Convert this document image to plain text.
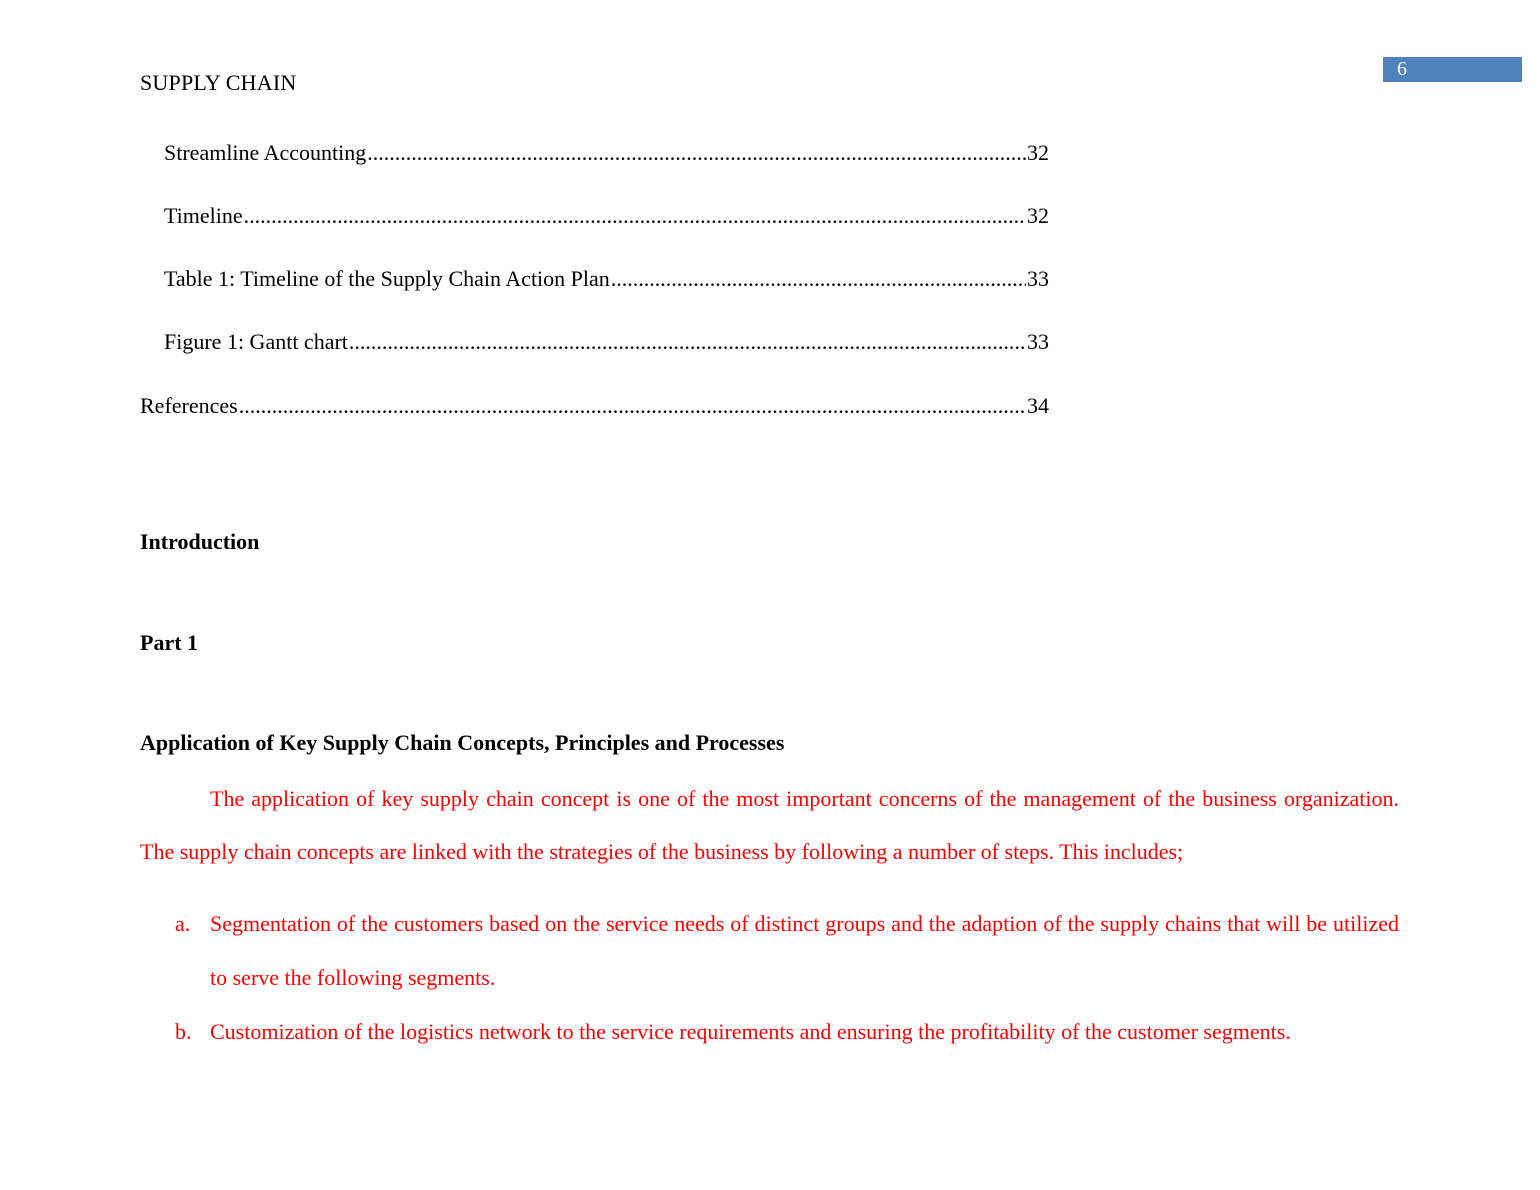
SUPPLY CHAIN
6
Streamline Accounting .....	32
Timeline .....	32
Table 1: Timeline of the Supply Chain Action Plan .....	33
Figure 1: Gantt chart .....	33
References .....	34
Introduction
Part 1
Application of Key Supply Chain Concepts, Principles and Processes
The application of key supply chain concept is one of the most important concerns of the management of the business organization. The supply chain concepts are linked with the strategies of the business by following a number of steps. This includes;
a. Segmentation of the customers based on the service needs of distinct groups and the adaption of the supply chains that will be utilized to serve the following segments.
b. Customization of the logistics network to the service requirements and ensuring the profitability of the customer segments.
